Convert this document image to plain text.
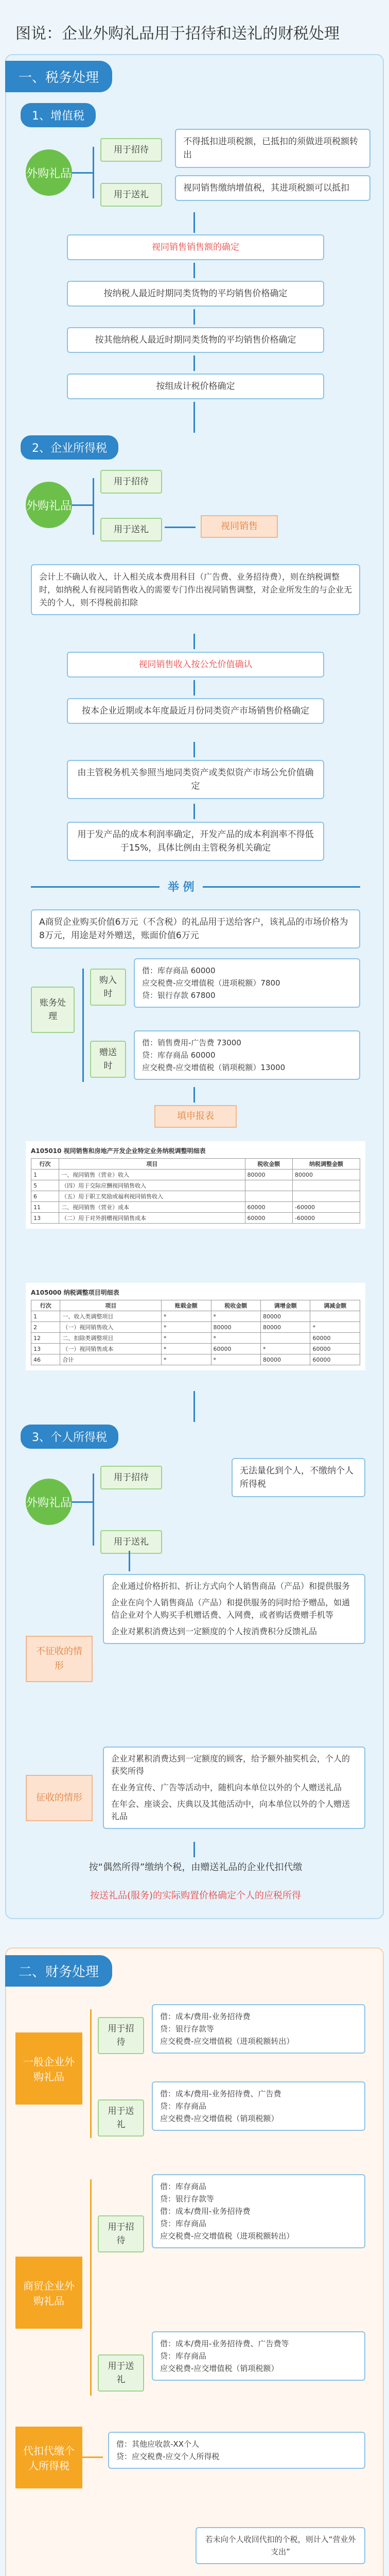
图说：企业外购礼品用于招待和送礼的财税处理
一、税务处理
1、增值税
外购礼品
用于招待
用于送礼
不得抵扣进项税额，已抵扣的须做进项税额转出
视同销售缴纳增值税，其进项税额可以抵扣
视同销售销售额的确定
按纳税人最近时期同类货物的平均销售价格确定
按其他纳税人最近时期同类货物的平均销售价格确定
按组成计税价格确定
2、企业所得税
外购礼品
用于招待
用于送礼	视同销售
会计上不确认收入，计入相关成本费用科目（广告费、业务招待费），则在纳税调整时，如纳税人有视同销售收入的需要专门作出视同销售调整，对企业所发生的与企业无关的个人，则不得税前扣除
视同销售收入按公允价值确认
按本企业近期或本年度最近月份同类资产市场销售价格确定
由主管税务机关参照当地同类资产或类似资产市场公允价值确定
用于发产品的成本利润率确定，开发产品的成本利润率不得低于15%，具体比例由主管税务机关确定
举 例
A商贸企业购买价值6万元（不含税）的礼品用于送给客户，该礼品的市场价格为8万元，用途是对外赠送，账面价值6万元
账务处理
购入时
借：库存商品 60000
应交税费-应交增值税（进项税额）7800
贷：银行存款 67800
赠送时
借：销售费用-广告费 73000
贷：库存商品 60000
应交税费-应交增值税（销项税额）13000
填申报表
A105010 视同销售和房地产开发企业特定业务纳税调整明细表
行次	项目	税收金额	纳税调整金额
1	一、视同销售（营业）收入	80000	80000
5	（四）用于交际应酬视同销售收入		
6	（五）用于职工奖励或福利视同销售收入		
11	二、视同销售（营业）成本	60000	-60000
13	（二）用于对外捐赠视同销售成本	60000	-60000
A105000 纳税调整项目明细表
行次	项目	账载金额	税收金额	调增金额	调减金额
1	一、收入类调整项目	*	*	80000	
2	（一）视同销售收入	*	80000	80000	*
12	二、扣除类调整项目	*	*		60000
13	（一）视同销售成本	*	60000	*	60000
46	合计	*	*	80000	60000
3、个人所得税
外购礼品
用于招待
用于送礼
无法量化到个人，不缴纳个人所得税
不征收的情形
企业通过价格折扣、折让方式向个人销售商品（产品）和提供服务
企业在向个人销售商品（产品）和提供服务的同时给予赠品，如通信企业对个人购买手机赠话费、入网费，或者购话费赠手机等
企业对累积消费达到一定额度的个人按消费积分反馈礼品
征收的情形
企业对累积消费达到一定额度的顾客，给予额外抽奖机会，个人的获奖所得
在业务宣传、广告等活动中，随机向本单位以外的个人赠送礼品
在年会、座谈会、庆典以及其他活动中，向本单位以外的个人赠送礼品
按“偶然所得”缴纳个税，由赠送礼品的企业代扣代缴
按送礼品(服务)的实际购置价格确定个人的应税所得
二、财务处理
一般企业外购礼品
用于招待
借：成本/费用-业务招待费
贷：银行存款等
应交税费-应交增值税（进项税额转出）
用于送礼
借：成本/费用-业务招待费、广告费
贷：库存商品
应交税费-应交增值税（销项税额）
商贸企业外购礼品
用于招待
借：库存商品
贷：银行存款等
借：成本/费用-业务招待费
贷：库存商品
应交税费-应交增值税（进项税额转出）
用于送礼
借：成本/费用-业务招待费、广告费等
贷：库存商品
应交税费-应交增值税（销项税额）
代扣代缴个人所得税
借：其他应收款-XX个人
贷：应交税费-应交个人所得税
若未向个人收回代扣的个税，则计入“营业外支出”
